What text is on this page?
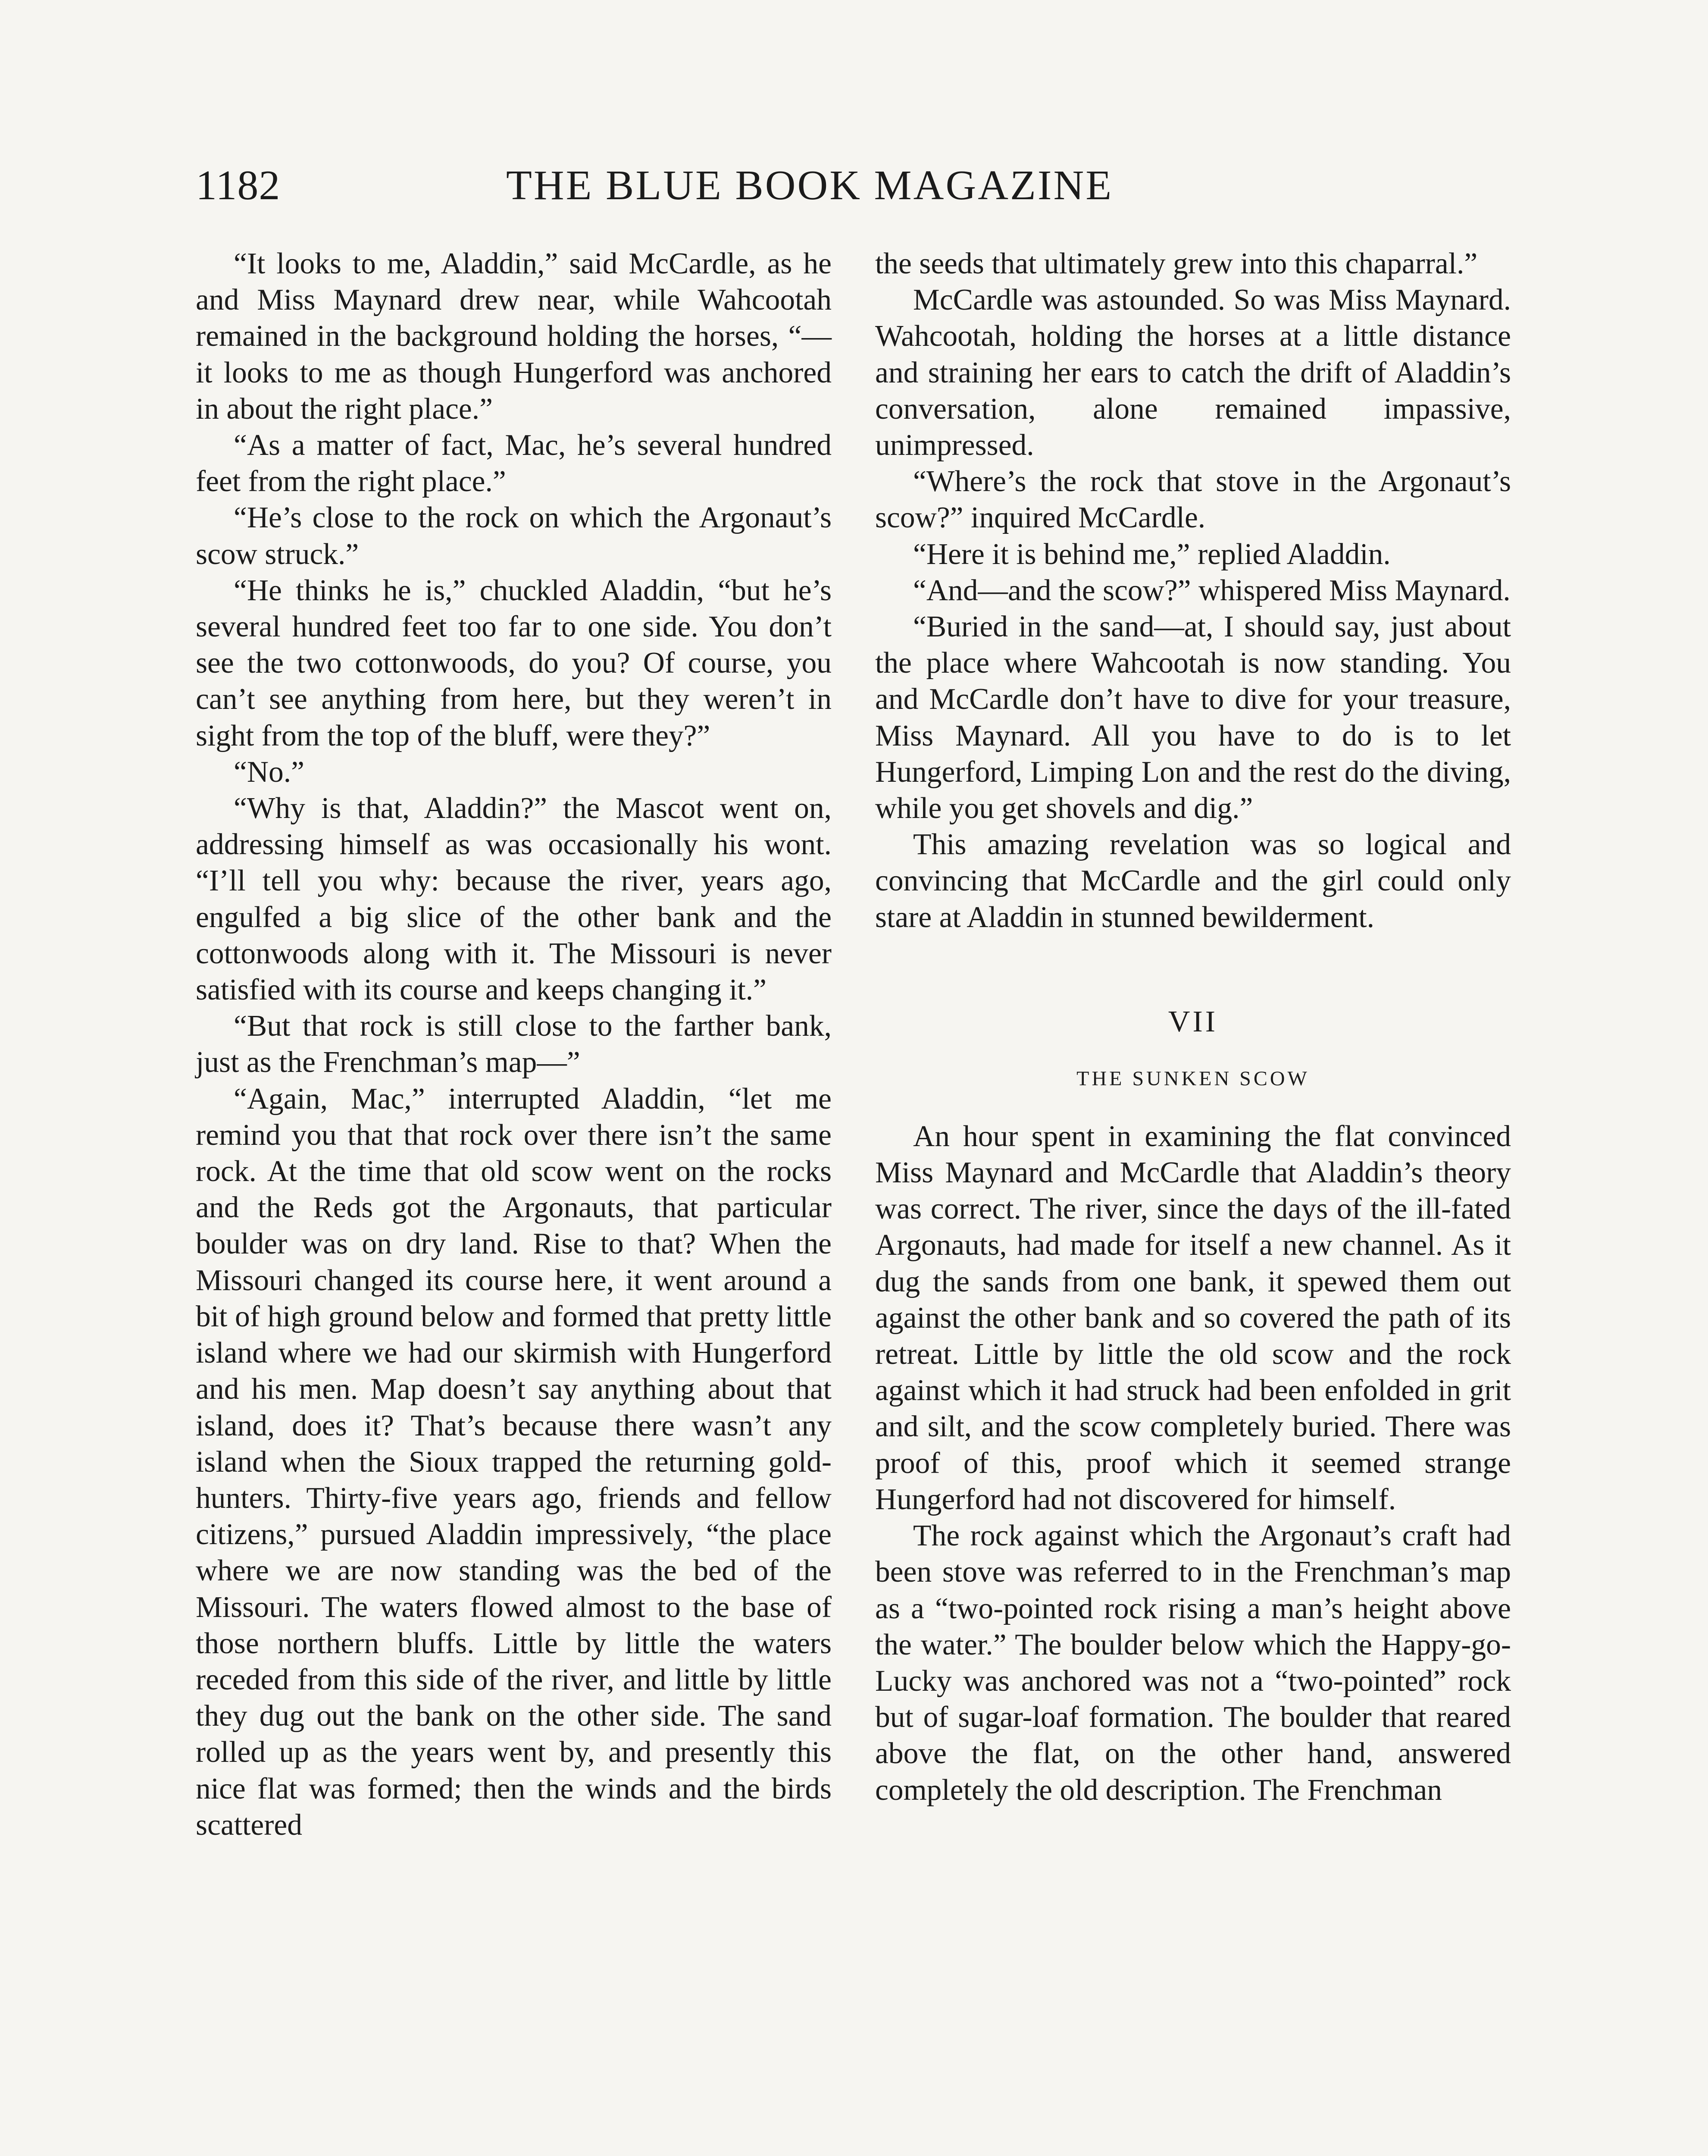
1182	THE BLUE BOOK MAGAZINE

“It looks to me, Aladdin,” said McCardle, as he and Miss Maynard drew near, while Wahcootah remained in the background holding the horses, “—it looks to me as though Hungerford was anchored in about the right place.”

“As a matter of fact, Mac, he’s several hundred feet from the right place.”

“He’s close to the rock on which the Argonaut’s scow struck.”

“He thinks he is,” chuckled Aladdin, “but he’s several hundred feet too far to one side. You don’t see the two cottonwoods, do you? Of course, you can’t see anything from here, but they weren’t in sight from the top of the bluff, were they?”

“No.”

“Why is that, Aladdin?” the Mascot went on, addressing himself as was occasionally his wont. “I’ll tell you why: because the river, years ago, engulfed a big slice of the other bank and the cottonwoods along with it. The Missouri is never satisfied with its course and keeps changing it.”

“But that rock is still close to the farther bank, just as the Frenchman’s map—”

“Again, Mac,” interrupted Aladdin, “let me remind you that that rock over there isn’t the same rock. At the time that old scow went on the rocks and the Reds got the Argonauts, that particular boulder was on dry land. Rise to that? When the Missouri changed its course here, it went around a bit of high ground below and formed that pretty little island where we had our skirmish with Hungerford and his men. Map doesn’t say anything about that island, does it? That’s because there wasn’t any island when the Sioux trapped the returning gold-hunters. Thirty-five years ago, friends and fellow citizens,” pursued Aladdin impressively, “the place where we are now standing was the bed of the Missouri. The waters flowed almost to the base of those northern bluffs. Little by little the waters receded from this side of the river, and little by little they dug out the bank on the other side. The sand rolled up as the years went by, and presently this nice flat was formed; then the winds and the birds scattered

the seeds that ultimately grew into this chaparral.”

McCardle was astounded. So was Miss Maynard. Wahcootah, holding the horses at a little distance and straining her ears to catch the drift of Aladdin’s conversation, alone remained impassive, unimpressed.

“Where’s the rock that stove in the Argonaut’s scow?” inquired McCardle.

“Here it is behind me,” replied Aladdin.

“And—and the scow?” whispered Miss Maynard.

“Buried in the sand—at, I should say, just about the place where Wahcootah is now standing. You and McCardle don’t have to dive for your treasure, Miss Maynard. All you have to do is to let Hungerford, Limping Lon and the rest do the diving, while you get shovels and dig.”

This amazing revelation was so logical and convincing that McCardle and the girl could only stare at Aladdin in stunned bewilderment.

VII
THE SUNKEN SCOW

An hour spent in examining the flat convinced Miss Maynard and McCardle that Aladdin’s theory was correct. The river, since the days of the ill-fated Argonauts, had made for itself a new channel. As it dug the sands from one bank, it spewed them out against the other bank and so covered the path of its retreat. Little by little the old scow and the rock against which it had struck had been enfolded in grit and silt, and the scow completely buried. There was proof of this, proof which it seemed strange Hungerford had not discovered for himself.

The rock against which the Argonaut’s craft had been stove was referred to in the Frenchman’s map as a “two-pointed rock rising a man’s height above the water.” The boulder below which the Happy-go-Lucky was anchored was not a “two-pointed” rock but of sugar-loaf formation. The boulder that reared above the flat, on the other hand, answered completely the old description. The Frenchman
